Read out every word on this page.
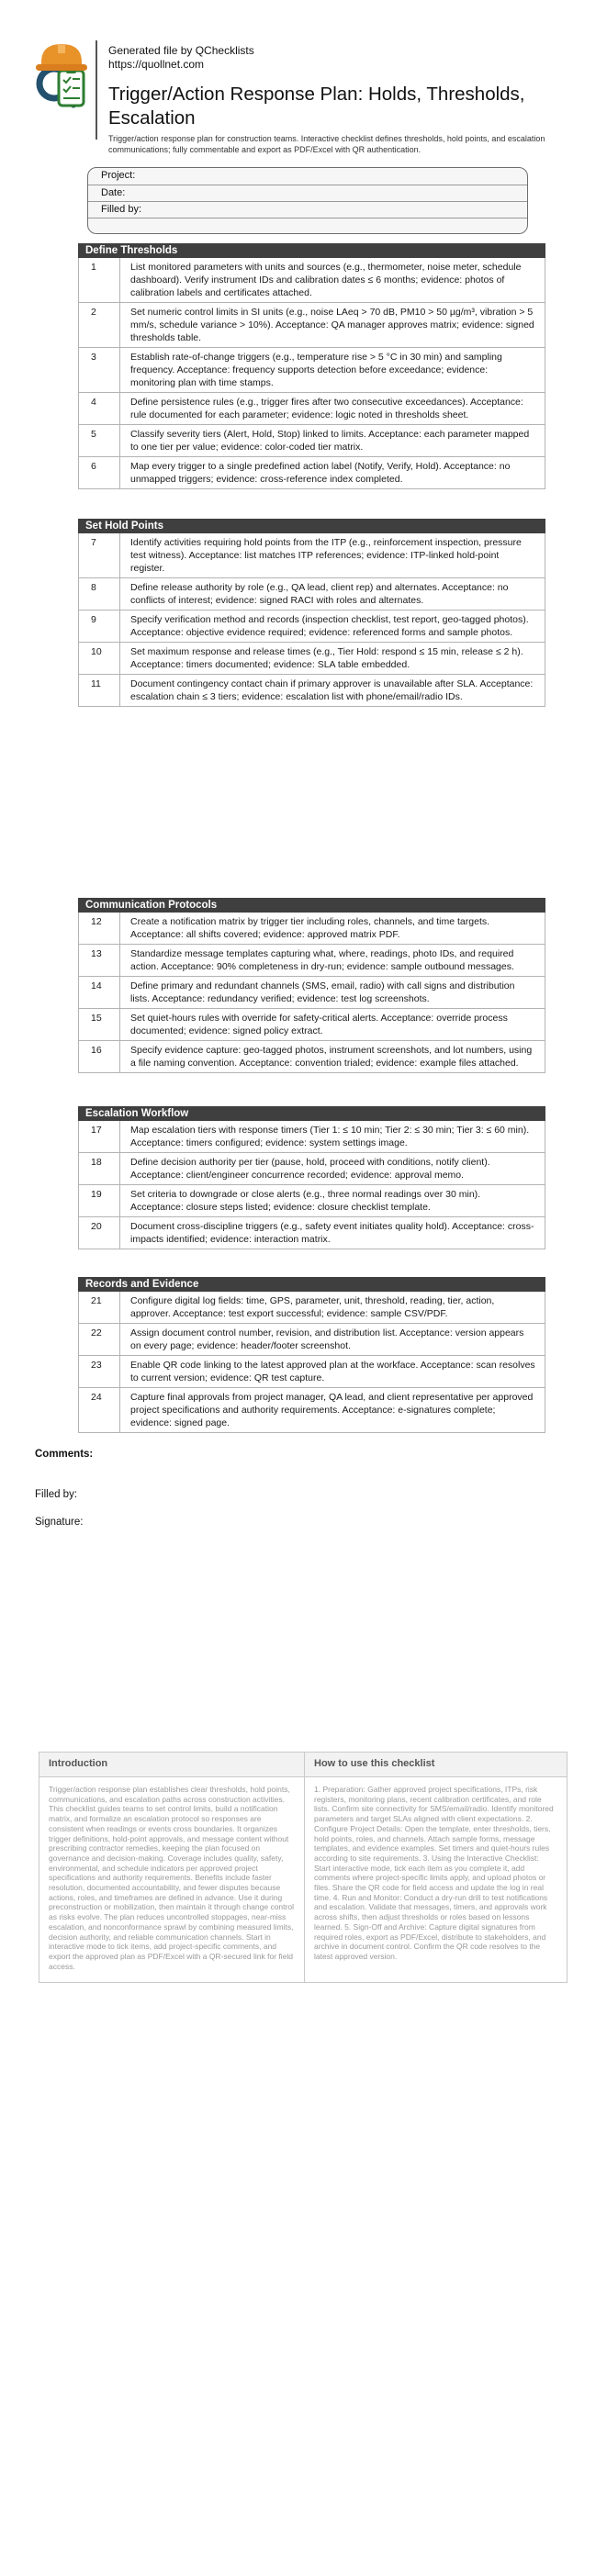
Generated file by QChecklists
https://quollnet.com
Trigger/Action Response Plan: Holds, Thresholds, Escalation
Trigger/action response plan for construction teams. Interactive checklist defines thresholds, hold points, and escalation communications; fully commentable and export as PDF/Excel with QR authentication.
Project:
Date:
Filled by:
Define Thresholds
1	List monitored parameters with units and sources (e.g., thermometer, noise meter, schedule dashboard). Verify instrument IDs and calibration dates ≤ 6 months; evidence: photos of calibration labels and certificates attached.
2	Set numeric control limits in SI units (e.g., noise LAeq > 70 dB, PM10 > 50 µg/m³, vibration > 5 mm/s, schedule variance > 10%). Acceptance: QA manager approves matrix; evidence: signed thresholds table.
3	Establish rate-of-change triggers (e.g., temperature rise > 5 °C in 30 min) and sampling frequency. Acceptance: frequency supports detection before exceedance; evidence: monitoring plan with time stamps.
4	Define persistence rules (e.g., trigger fires after two consecutive exceedances). Acceptance: rule documented for each parameter; evidence: logic noted in thresholds sheet.
5	Classify severity tiers (Alert, Hold, Stop) linked to limits. Acceptance: each parameter mapped to one tier per value; evidence: color-coded tier matrix.
6	Map every trigger to a single predefined action label (Notify, Verify, Hold). Acceptance: no unmapped triggers; evidence: cross-reference index completed.
Set Hold Points
7	Identify activities requiring hold points from the ITP (e.g., reinforcement inspection, pressure test witness). Acceptance: list matches ITP references; evidence: ITP-linked hold-point register.
8	Define release authority by role (e.g., QA lead, client rep) and alternates. Acceptance: no conflicts of interest; evidence: signed RACI with roles and alternates.
9	Specify verification method and records (inspection checklist, test report, geo-tagged photos). Acceptance: objective evidence required; evidence: referenced forms and sample photos.
10	Set maximum response and release times (e.g., Tier Hold: respond ≤ 15 min, release ≤ 2 h). Acceptance: timers documented; evidence: SLA table embedded.
11	Document contingency contact chain if primary approver is unavailable after SLA. Acceptance: escalation chain ≤ 3 tiers; evidence: escalation list with phone/email/radio IDs.
Communication Protocols
12	Create a notification matrix by trigger tier including roles, channels, and time targets. Acceptance: all shifts covered; evidence: approved matrix PDF.
13	Standardize message templates capturing what, where, readings, photo IDs, and required action. Acceptance: 90% completeness in dry-run; evidence: sample outbound messages.
14	Define primary and redundant channels (SMS, email, radio) with call signs and distribution lists. Acceptance: redundancy verified; evidence: test log screenshots.
15	Set quiet-hours rules with override for safety-critical alerts. Acceptance: override process documented; evidence: signed policy extract.
16	Specify evidence capture: geo-tagged photos, instrument screenshots, and lot numbers, using a file naming convention. Acceptance: convention trialed; evidence: example files attached.
Escalation Workflow
17	Map escalation tiers with response timers (Tier 1: ≤ 10 min; Tier 2: ≤ 30 min; Tier 3: ≤ 60 min). Acceptance: timers configured; evidence: system settings image.
18	Define decision authority per tier (pause, hold, proceed with conditions, notify client). Acceptance: client/engineer concurrence recorded; evidence: approval memo.
19	Set criteria to downgrade or close alerts (e.g., three normal readings over 30 min). Acceptance: closure steps listed; evidence: closure checklist template.
20	Document cross-discipline triggers (e.g., safety event initiates quality hold). Acceptance: cross-impacts identified; evidence: interaction matrix.
Records and Evidence
21	Configure digital log fields: time, GPS, parameter, unit, threshold, reading, tier, action, approver. Acceptance: test export successful; evidence: sample CSV/PDF.
22	Assign document control number, revision, and distribution list. Acceptance: version appears on every page; evidence: header/footer screenshot.
23	Enable QR code linking to the latest approved plan at the workface. Acceptance: scan resolves to current version; evidence: QR test capture.
24	Capture final approvals from project manager, QA lead, and client representative per approved project specifications and authority requirements. Acceptance: e-signatures complete; evidence: signed page.
Comments:
Filled by:
Signature:
Introduction
Trigger/action response plan establishes clear thresholds, hold points, communications, and escalation paths across construction activities. This checklist guides teams to set control limits, build a notification matrix, and formalize an escalation protocol so responses are consistent when readings or events cross boundaries. It organizes trigger definitions, hold-point approvals, and message content without prescribing contractor remedies, keeping the plan focused on governance and decision-making. Coverage includes quality, safety, environmental, and schedule indicators per approved project specifications and authority requirements. Benefits include faster resolution, documented accountability, and fewer disputes because actions, roles, and timeframes are defined in advance. Use it during preconstruction or mobilization, then maintain it through change control as risks evolve. The plan reduces uncontrolled stoppages, near-miss escalation, and nonconformance sprawl by combining measured limits, decision authority, and reliable communication channels. Start in interactive mode to tick items, add project-specific comments, and export the approved plan as PDF/Excel with a QR-secured link for field access.
How to use this checklist
1. Preparation: Gather approved project specifications, ITPs, risk registers, monitoring plans, recent calibration certificates, and role lists. Confirm site connectivity for SMS/email/radio. Identify monitored parameters and target SLAs aligned with client expectations. 2. Configure Project Details: Open the template, enter thresholds, tiers, hold points, roles, and channels. Attach sample forms, message templates, and evidence examples. Set timers and quiet-hours rules according to site requirements. 3. Using the Interactive Checklist: Start interactive mode, tick each item as you complete it, add comments where project-specific limits apply, and upload photos or files. Share the QR code for field access and update the log in real time. 4. Run and Monitor: Conduct a dry-run drill to test notifications and escalation. Validate that messages, timers, and approvals work across shifts, then adjust thresholds or roles based on lessons learned. 5. Sign-Off and Archive: Capture digital signatures from required roles, export as PDF/Excel, distribute to stakeholders, and archive in document control. Confirm the QR code resolves to the latest approved version.
